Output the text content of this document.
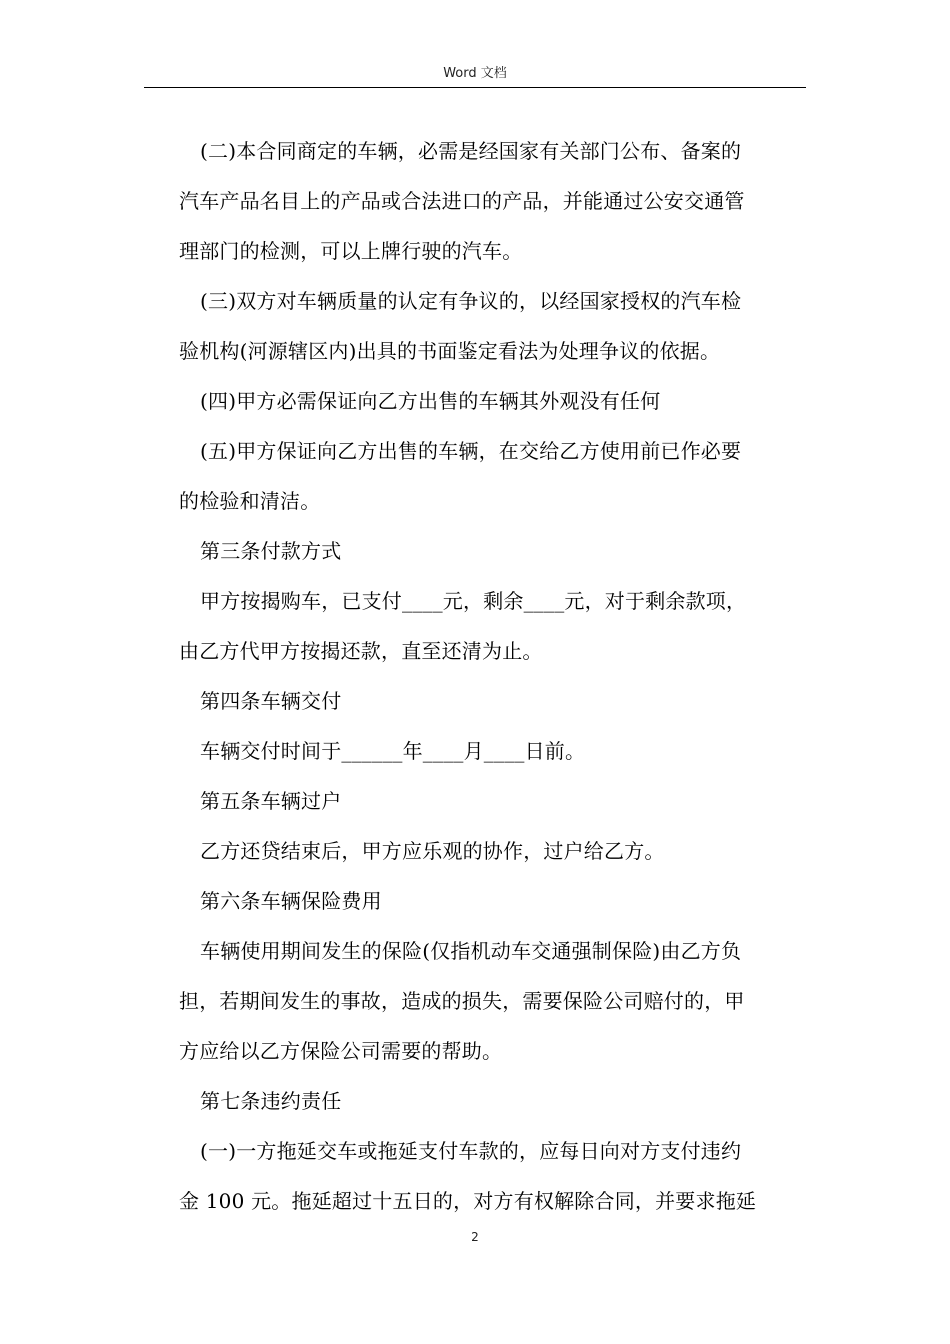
Word 文档
(二)本合同商定的车辆，必需是经国家有关部门公布、备案的
汽车产品名目上的产品或合法进口的产品，并能通过公安交通管
理部门的检测，可以上牌行驶的汽车。
(三)双方对车辆质量的认定有争议的，以经国家授权的汽车检
验机构(河源辖区内)出具的书面鉴定看法为处理争议的依据。
(四)甲方必需保证向乙方出售的车辆其外观没有任何
(五)甲方保证向乙方出售的车辆，在交给乙方使用前已作必要
的检验和清洁。
第三条付款方式
甲方按揭购车，已支付____元，剩余____元，对于剩余款项，
由乙方代甲方按揭还款，直至还清为止。
第四条车辆交付
车辆交付时间于______年____月____日前。
第五条车辆过户
乙方还贷结束后，甲方应乐观的协作，过户给乙方。
第六条车辆保险费用
车辆使用期间发生的保险(仅指机动车交通强制保险)由乙方负
担，若期间发生的事故，造成的损失，需要保险公司赔付的，甲
方应给以乙方保险公司需要的帮助。
第七条违约责任
(一)一方拖延交车或拖延支付车款的，应每日向对方支付违约
金 100 元。拖延超过十五日的，对方有权解除合同，并要求拖延
2
